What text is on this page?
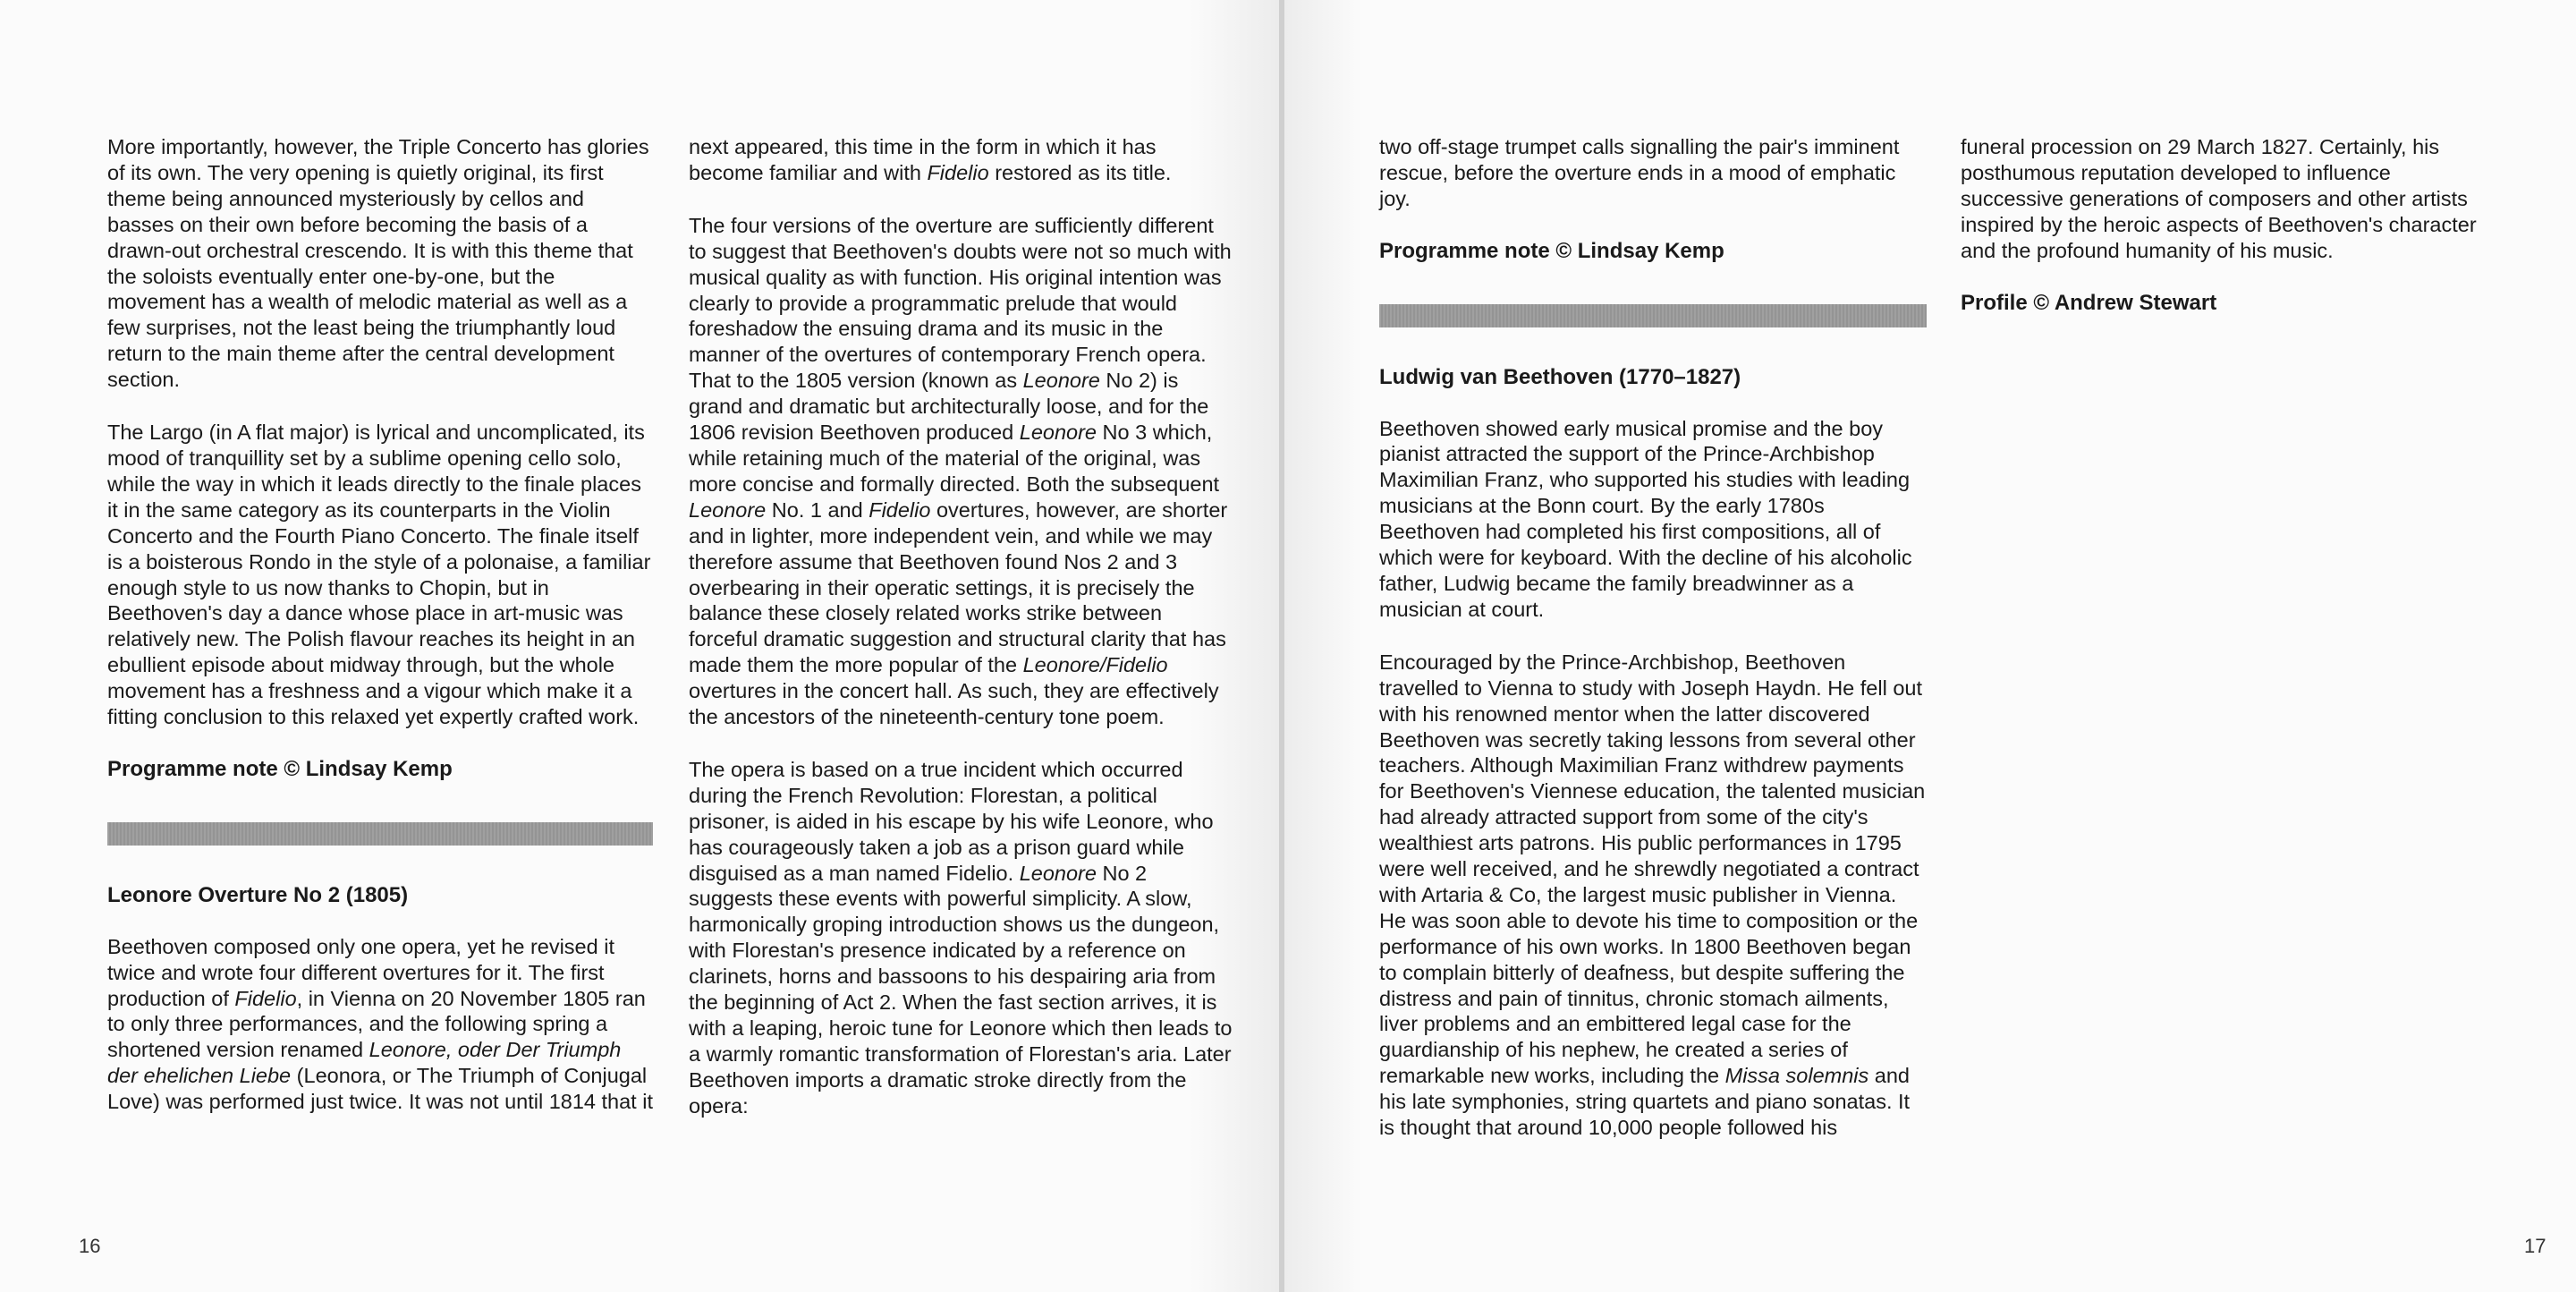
More importantly, however, the Triple Concerto has glories of its own. The very opening is quietly original, its first theme being announced mysteriously by cellos and basses on their own before becoming the basis of a drawn-out orchestral crescendo. It is with this theme that the soloists eventually enter one-by-one, but the movement has a wealth of melodic material as well as a few surprises, not the least being the triumphantly loud return to the main theme after the central development section.

The Largo (in A flat major) is lyrical and uncomplicated, its mood of tranquillity set by a sublime opening cello solo, while the way in which it leads directly to the finale places it in the same category as its counterparts in the Violin Concerto and the Fourth Piano Concerto. The finale itself is a boisterous Rondo in the style of a polonaise, a familiar enough style to us now thanks to Chopin, but in Beethoven's day a dance whose place in art-music was relatively new. The Polish flavour reaches its height in an ebullient episode about midway through, but the whole movement has a freshness and a vigour which make it a fitting conclusion to this relaxed yet expertly crafted work.

Programme note © Lindsay Kemp
Leonore Overture No 2 (1805)

Beethoven composed only one opera, yet he revised it twice and wrote four different overtures for it. The first production of Fidelio, in Vienna on 20 November 1805 ran to only three performances, and the following spring a shortened version renamed Leonore, oder Der Triumph der ehelichen Liebe (Leonora, or The Triumph of Conjugal Love) was performed just twice. It was not until 1814 that it

next appeared, this time in the form in which it has become familiar and with Fidelio restored as its title.

The four versions of the overture are sufficiently different to suggest that Beethoven's doubts were not so much with musical quality as with function. His original intention was clearly to provide a programmatic prelude that would foreshadow the ensuing drama and its music in the manner of the overtures of contemporary French opera. That to the 1805 version (known as Leonore No 2) is grand and dramatic but architecturally loose, and for the 1806 revision Beethoven produced Leonore No 3 which, while retaining much of the material of the original, was more concise and formally directed. Both the subsequent Leonore No. 1 and Fidelio overtures, however, are shorter and in lighter, more independent vein, and while we may therefore assume that Beethoven found Nos 2 and 3 overbearing in their operatic settings, it is precisely the balance these closely related works strike between forceful dramatic suggestion and structural clarity that has made them the more popular of the Leonore/Fidelio overtures in the concert hall. As such, they are effectively the ancestors of the nineteenth-century tone poem.

The opera is based on a true incident which occurred during the French Revolution: Florestan, a political prisoner, is aided in his escape by his wife Leonore, who has courageously taken a job as a prison guard while disguised as a man named Fidelio. Leonore No 2 suggests these events with powerful simplicity. A slow, harmonically groping introduction shows us the dungeon, with Florestan's presence indicated by a reference on clarinets, horns and bassoons to his despairing aria from the beginning of Act 2. When the fast section arrives, it is with a leaping, heroic tune for Leonore which then leads to a warmly romantic transformation of Florestan's aria. Later Beethoven imports a dramatic stroke directly from the opera:

16

two off-stage trumpet calls signalling the pair's imminent rescue, before the overture ends in a mood of emphatic joy.

Programme note © Lindsay Kemp
Ludwig van Beethoven (1770–1827)

Beethoven showed early musical promise and the boy pianist attracted the support of the Prince-Archbishop Maximilian Franz, who supported his studies with leading musicians at the Bonn court. By the early 1780s Beethoven had completed his first compositions, all of which were for keyboard. With the decline of his alcoholic father, Ludwig became the family breadwinner as a musician at court.

Encouraged by the Prince-Archbishop, Beethoven travelled to Vienna to study with Joseph Haydn. He fell out with his renowned mentor when the latter discovered Beethoven was secretly taking lessons from several other teachers. Although Maximilian Franz withdrew payments for Beethoven's Viennese education, the talented musician had already attracted support from some of the city's wealthiest arts patrons. His public performances in 1795 were well received, and he shrewdly negotiated a contract with Artaria & Co, the largest music publisher in Vienna. He was soon able to devote his time to composition or the performance of his own works. In 1800 Beethoven began to complain bitterly of deafness, but despite suffering the distress and pain of tinnitus, chronic stomach ailments, liver problems and an embittered legal case for the guardianship of his nephew, he created a series of remarkable new works, including the Missa solemnis and his late symphonies, string quartets and piano sonatas. It is thought that around 10,000 people followed his

funeral procession on 29 March 1827. Certainly, his posthumous reputation developed to influence successive generations of composers and other artists inspired by the heroic aspects of Beethoven's character and the profound humanity of his music.

Profile © Andrew Stewart
17
